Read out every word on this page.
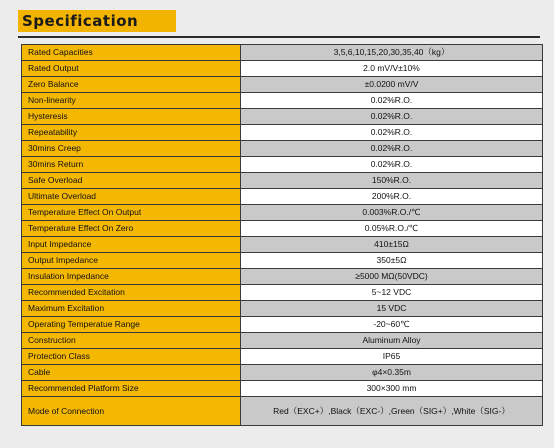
Specification
Rated Capacities	3,5,6,10,15,20,30,35,40（kg）
Rated Output	2.0 mV/V±10%
Zero Balance	±0.0200 mV/V
Non-linearity	0.02%R.O.
Hysteresis	0.02%R.O.
Repeatability	0.02%R.O.
30mins Creep	0.02%R.O.
30mins Return	0.02%R.O.
Safe Overload	150%R.O.
Ultimate Overload	200%R.O.
Temperature Effect On Output	0.003%R.O./℃
Temperature Effect On Zero	0.05%R.O./℃
Input Impedance	410±15Ω
Output Impedance	350±5Ω
Insulation Impedance	≥5000 MΩ(50VDC)
Recommended Excitation	5~12 VDC
Maximum Excitation	15 VDC
Operating Temperatue Range	-20~60℃
Construction	Aluminum Alloy
Protection Class	IP65
Cable	φ4×0.35m
Recommended Platform Size	300×300 mm
Mode of Connection	Red（EXC+）,Black（EXC-）,Green（SIG+）,White（SIG-）
